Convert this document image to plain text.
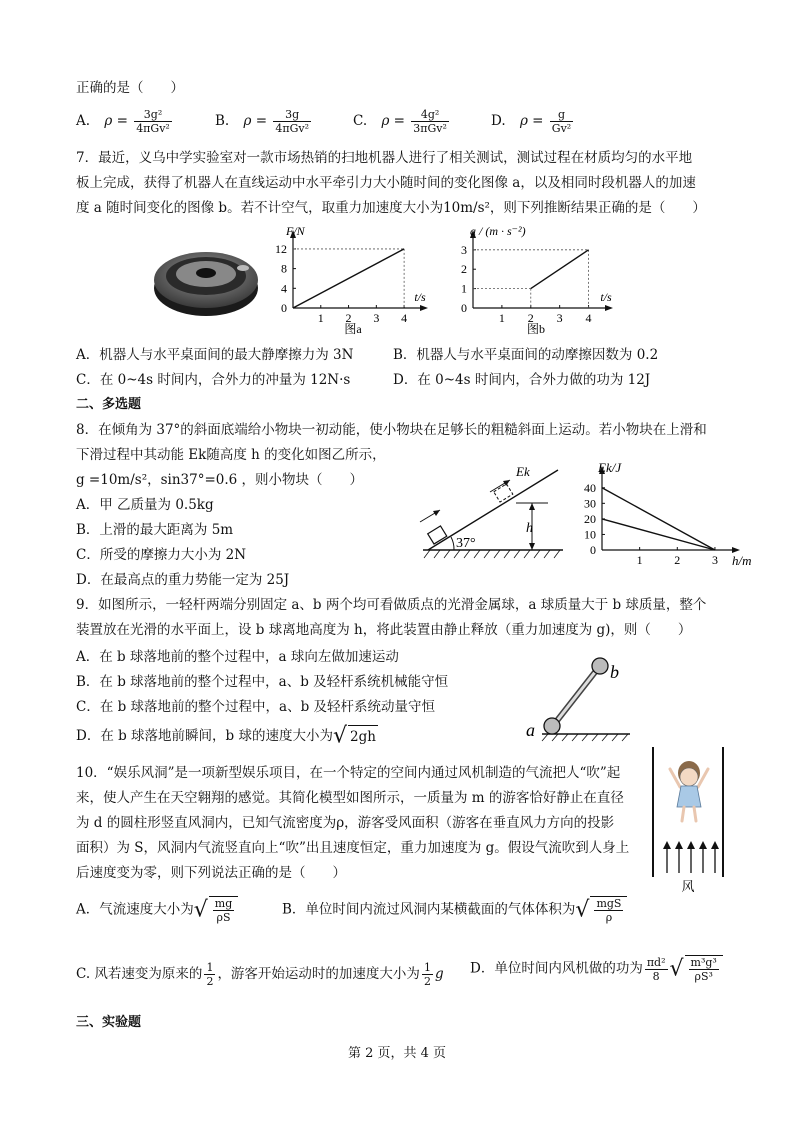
正确的是（　　）
A. $\rho = \frac{\text{3g²}}{\text{4πGv²}}$	B. $\rho = \frac{3g}{\text{4πGv²}}$	C. $\rho = \frac{\text{4g²}}{\text{3πGv²}}$	D. $\rho = \frac{g}{\text{Gv²}}$
7．最近，义乌中学实验室对一款市场热销的扫地机器人进行了相关测试，测试过程在材质均匀的水平地
板上完成，获得了机器人在直线运动中水平牵引力大小随时间的变化图像 a，以及相同时段机器人的加速
度 a 随时间变化的图像 b。若不计空气，取重力加速度大小为10m/s²，则下列推断结果正确的是（　　）
1 2 3 4
0
4
8
12
F/N
t/s
图a
1 2 3 4
0
1
2
3
a / (m · s⁻²)
t/s
图b
A．机器人与水平桌面间的最大静摩擦力为 3N	B．机器人与水平桌面间的动摩擦因数为 0.2
C．在 0~4s 时间内，合外力的冲量为 12N·s	D．在 0~4s 时间内，合外力做的功为 12J
二、多选题
8．在倾角为 37°的斜面底端给小物块一初动能，使小物块在足够长的粗糙斜面上运动。若小物块在上滑和
下滑过程中其动能 Ek随高度 h 的变化如图乙所示，
g =10m/s²，sin37°=0.6 ，则小物块（　　）
A．甲 乙质量为 0.5kg
B．上滑的最大距离为 5m
C．所受的摩擦力大小为 2N
D．在最高点的重力势能一定为 25J
Ek
h
37°
1	2	3
0
10
20
30
40
Ek/J
h/m
9．如图所示，一轻杆两端分别固定 a、b 两个均可看做质点的光滑金属球，a 球质量大于 b 球质量，整个
装置放在光滑的水平面上，设 b 球离地高度为 h，将此装置由静止释放（重力加速度为 g)，则（　　）
A．在 b 球落地前的整个过程中，a 球向左做加速运动
B．在 b 球落地前的整个过程中，a、b 及轻杆系统机械能守恒
C．在 b 球落地前的整个过程中，a、b 及轻杆系统动量守恒
D．在 b 球落地前瞬间，b 球的速度大小为√ 2gh	a
b
10．“娱乐风洞”是一项新型娱乐项目，在一个特定的空间内通过风机制造的气流把人“吹”起
来，使人产生在天空翱翔的感觉。其简化模型如图所示，一质量为 m 的游客恰好静止在直径
为 d 的圆柱形竖直风洞内，已知气流密度为ρ，游客受风面积（游客在垂直风力方向的投影
面积）为 S，风洞内气流竖直向上“吹”出且速度恒定，重力加速度为 g。假设气流吹到人身上
后速度变为零，则下列说法正确的是（　　）
风
A．气流速度大小为√ $\frac{mg}{\rho S}$	B．单位时间内流过风洞内某横截面的气体体积为√ $\frac{\text{mgS}}{\rho}$
C. 风若速变为原来的 $\frac{1}{2}$ ，游客开始运动时的加速度大小为 $\frac{1}{2}$ g D．单位时间内风机做的功为 $\frac{\text{πd²}}{8}$ √ $\frac{\text{m³g³}}{\text{ρS³}}$
三、实验题
第 2 页，共 4 页
